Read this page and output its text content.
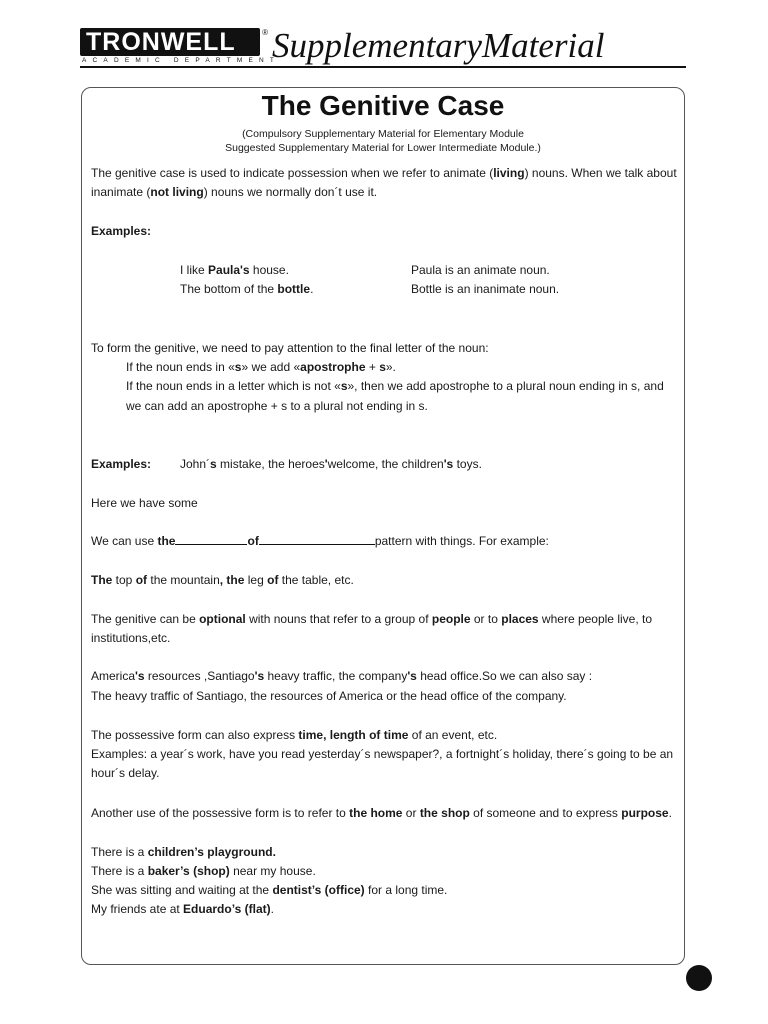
TRONWELL	®
ACADEMIC DEPARTMENT
SupplementaryMaterial
The Genitive Case
(Compulsory Supplementary Material for Elementary Module
Suggested Supplementary Material for Lower Intermediate Module.)
The genitive case is used to indicate possession when we refer to animate (living) nouns. When we talk about
inanimate (not living) nouns we normally don´t use it.
Examples:
I like Paula's house.	Paula is an animate noun.
The bottom of the bottle.	Bottle is an inanimate noun.
To form the genitive, we need to pay attention to the final letter of the noun:
If the noun ends in «s» we add «apostrophe + s».
If the noun ends in a letter which is not «s», then we add apostrophe to a plural noun ending in s, and
we can add an apostrophe + s to a plural not ending in s.
Examples:	John´s mistake, the heroes'welcome, the children's toys.
Here we have some
We can use the	of	pattern with things. For example:
The top of the mountain, the leg of the table, etc.
The genitive can be optional with nouns that refer to a group of people or to places where people live, to
institutions,etc.
America's resources ,Santiago's heavy traffic, the company's head office.So we can also say :
The heavy traffic of Santiago, the resources of America or the head office of the company.
The possessive form can also express time, length of time of an event, etc.
Examples: a year´s work, have you read yesterday´s newspaper?, a fortnight´s holiday, there´s going to be an
hour´s delay.
Another use of the possessive form is to refer to the home or the shop of someone and to express purpose.
There is a children’s playground.
There is a baker’s (shop) near my house.
She was sitting and waiting at the dentist’s (office) for a long time.
My friends ate at Eduardo’s (flat).
